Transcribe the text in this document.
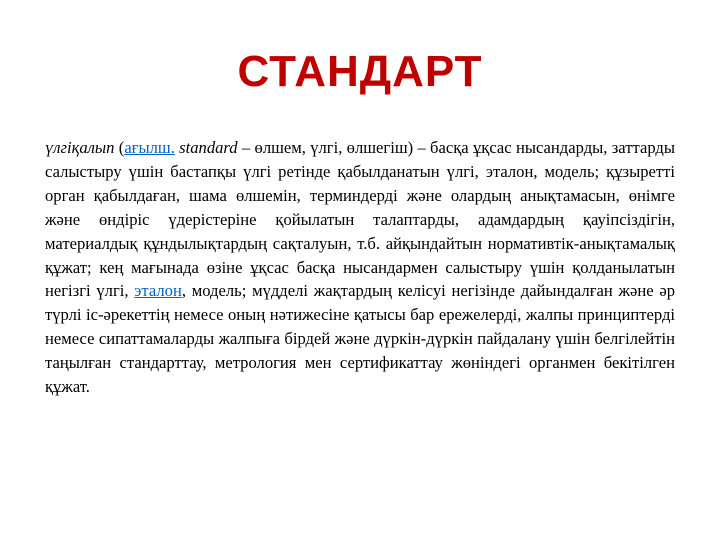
СТАНДАРТ
үлгіқалып (ағылш. standard – өлшем, үлгі, өлшегіш) – басқа ұқсас нысандарды, заттарды салыстыру үшін бастапқы үлгі ретінде қабылданатын үлгі, эталон, модель; құзыретті орган қабылдаған, шама өлшемін, терминдерді және олардың анықтамасын, өнімге және өндіріс үдерістеріне қойылатын талаптарды, адамдардың қауіпсіздігін, материалдық құндылықтардың сақталуын, т.б. айқындайтын нормативтік-анықтамалық құжат; кең мағынада өзіне ұқсас басқа нысандармен салыстыру үшін қолданылатын негізгі үлгі, эталон, модель; мүдделі жақтардың келісуі негізінде дайындалған және әр түрлі іс-әрекеттің немесе оның нәтижесіне қатысы бар ережелерді, жалпы принциптерді немесе сипаттамаларды жалпыға бірдей және дүркін-дүркін пайдалану үшін белгілейтін таңылған стандарттау, метрология мен сертификаттау жөніндегі органмен бекітілген құжат.
